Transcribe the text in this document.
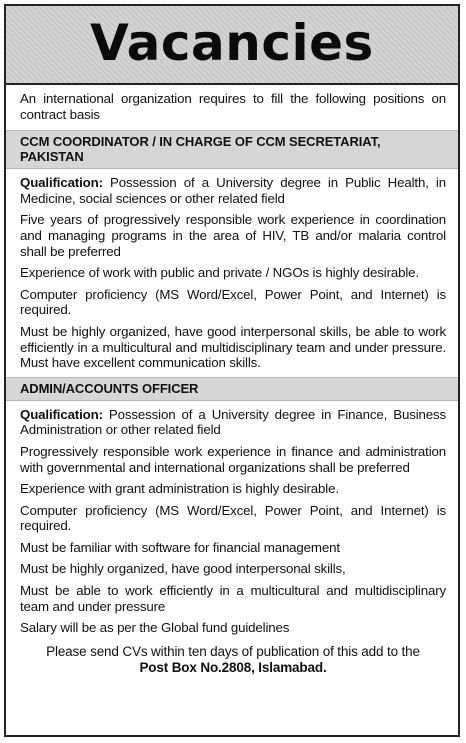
Vacancies

An international organization requires to fill the following positions on contract basis

CCM COORDINATOR / IN CHARGE OF CCM SECRETARIAT, PAKISTAN

Qualification: Possession of a University degree in Public Health, in Medicine, social sciences or other related field

Five years of progressively responsible work experience in coordination and managing programs in the area of HIV, TB and/or malaria control shall be preferred

Experience of work with public and private / NGOs is highly desirable.

Computer proficiency (MS Word/Excel, Power Point, and Internet) is required.

Must be highly organized, have good interpersonal skills, be able to work efficiently in a multicultural and multidisciplinary team and under pressure. Must have excellent communication skills.

ADMIN/ACCOUNTS OFFICER

Qualification: Possession of a University degree in Finance, Business Administration or other related field

Progressively responsible work experience in finance and administration with governmental and international organizations shall be preferred

Experience with grant administration is highly desirable.

Computer proficiency (MS Word/Excel, Power Point, and Internet) is required.

Must be familiar with software for financial management

Must be highly organized, have good interpersonal skills,

Must be able to work efficiently in a multicultural and multidisciplinary team and under pressure

Salary will be as per the Global fund guidelines

Please send CVs within ten days of publication of this add to the
Post Box No.2808, Islamabad.
